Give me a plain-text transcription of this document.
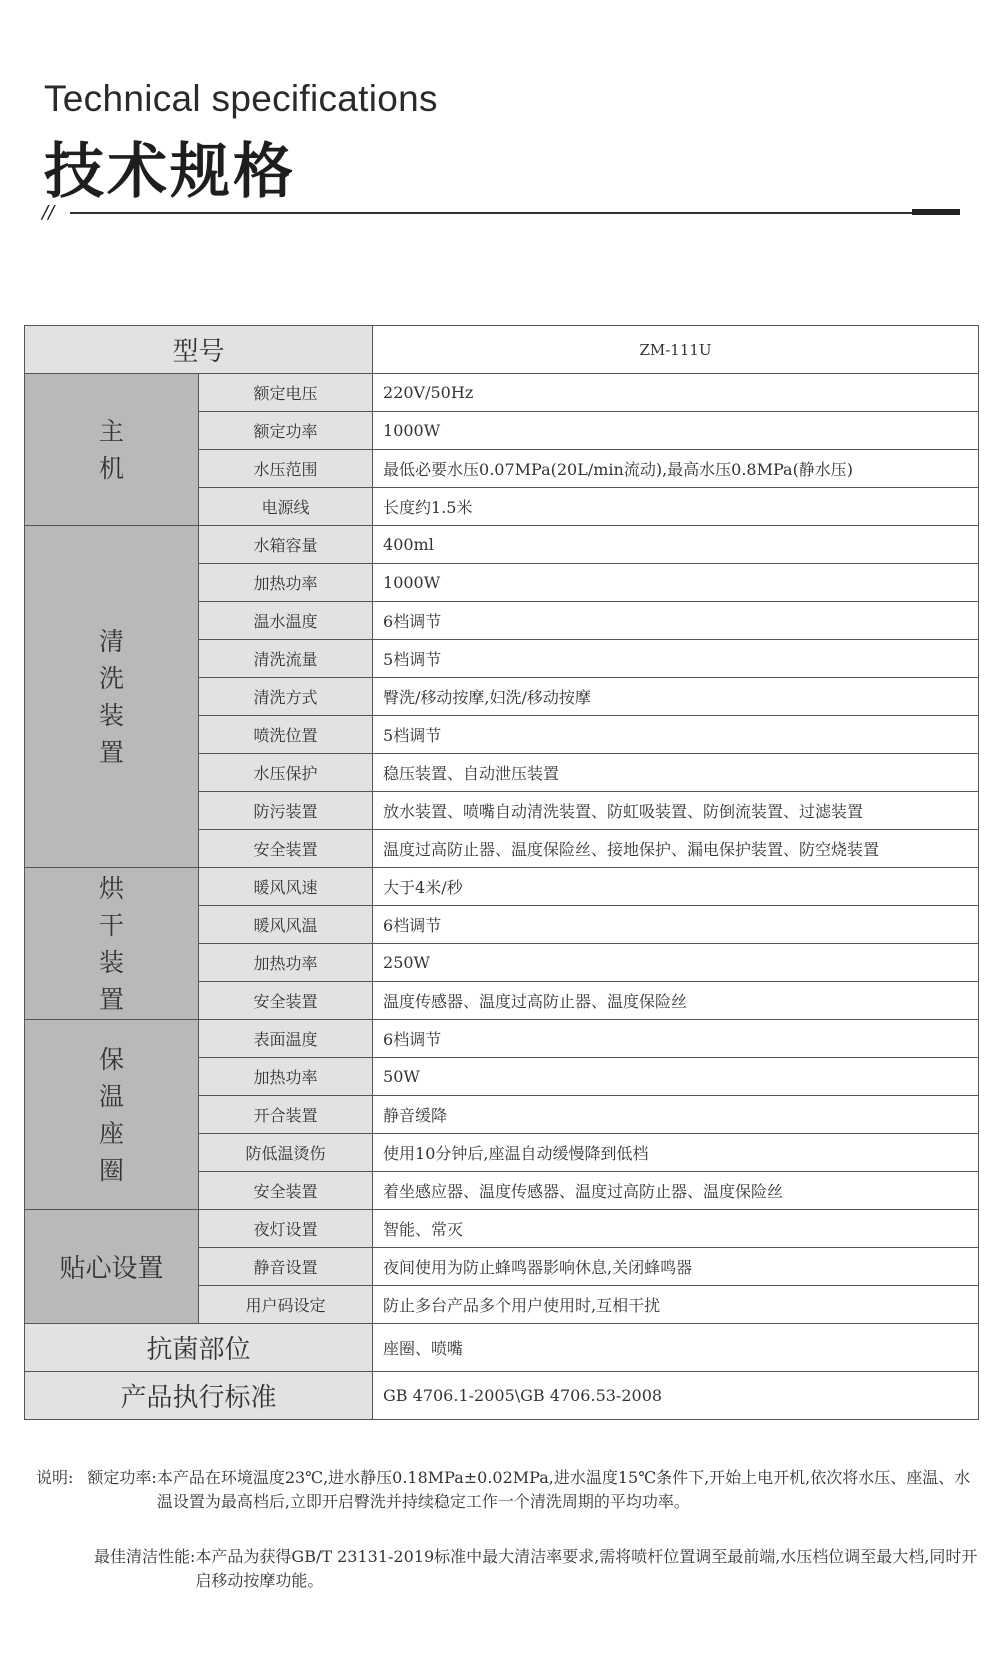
Technical specifications
技术规格
//
型号		ZM-111U
主
机	额定电压	220V/50Hz
	额定功率	1000W
	水压范围	最低必要水压0.07MPa(20L/min流动),最高水压0.8MPa(静水压)
	电源线	长度约1.5米
清
洗
装
置	水箱容量	400ml
	加热功率	1000W
	温水温度	6档调节
	清洗流量	5档调节
	清洗方式	臀洗/移动按摩,妇洗/移动按摩
	喷洗位置	5档调节
	水压保护	稳压装置、自动泄压装置
	防污装置	放水装置、喷嘴自动清洗装置、防虹吸装置、防倒流装置、过滤装置
	安全装置	温度过高防止器、温度保险丝、接地保护、漏电保护装置、防空烧装置
烘
干
装
置	暖风风速	大于4米/秒
	暖风风温	6档调节
	加热功率	250W
	安全装置	温度传感器、温度过高防止器、温度保险丝
保
温
座
圈	表面温度	6档调节
	加热功率	50W
	开合装置	静音缓降
	防低温烫伤	使用10分钟后,座温自动缓慢降到低档
	安全装置	着坐感应器、温度传感器、温度过高防止器、温度保险丝
贴心设置	夜灯设置	智能、常灭
	静音设置	夜间使用为防止蜂鸣器影响休息,关闭蜂鸣器
	用户码设定	防止多台产品多个用户使用时,互相干扰
抗菌部位		座圈、喷嘴
产品执行标准		GB 4706.1-2005\GB 4706.53-2008
说明: 额定功率: 本产品在环境温度23℃,进水静压0.18MPa±0.02MPa,进水温度15℃条件下,开始上电开机,依次将水压、座温、水温设置为最高档后,立即开启臀洗并持续稳定工作一个清洗周期的平均功率。
最佳清洁性能: 本产品为获得GB/T 23131-2019标准中最大清洁率要求,需将喷杆位置调至最前端,水压档位调至最大档,同时开启移动按摩功能。
